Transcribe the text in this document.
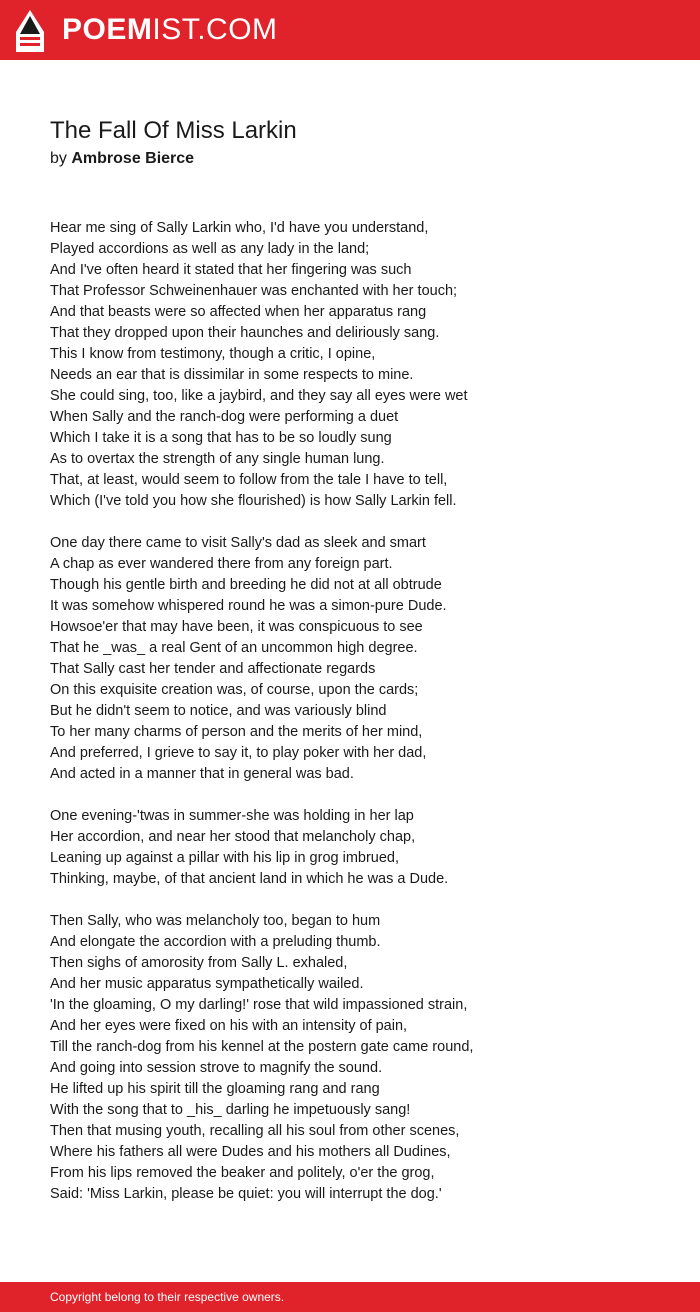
POEMIST.COM
The Fall Of Miss Larkin
by Ambrose Bierce
Hear me sing of Sally Larkin who, I'd have you understand,
Played accordions as well as any lady in the land;
And I've often heard it stated that her fingering was such
That Professor Schweinenhauer was enchanted with her touch;
And that beasts were so affected when her apparatus rang
That they dropped upon their haunches and deliriously sang.
This I know from testimony, though a critic, I opine,
Needs an ear that is dissimilar in some respects to mine.
She could sing, too, like a jaybird, and they say all eyes were wet
When Sally and the ranch-dog were performing a duet
Which I take it is a song that has to be so loudly sung
As to overtax the strength of any single human lung.
That, at least, would seem to follow from the tale I have to tell,
Which (I've told you how she flourished) is how Sally Larkin fell.
One day there came to visit Sally's dad as sleek and smart
A chap as ever wandered there from any foreign part.
Though his gentle birth and breeding he did not at all obtrude
It was somehow whispered round he was a simon-pure Dude.
Howsoe'er that may have been, it was conspicuous to see
That he _was_ a real Gent of an uncommon high degree.
That Sally cast her tender and affectionate regards
On this exquisite creation was, of course, upon the cards;
But he didn't seem to notice, and was variously blind
To her many charms of person and the merits of her mind,
And preferred, I grieve to say it, to play poker with her dad,
And acted in a manner that in general was bad.
One evening-'twas in summer-she was holding in her lap
Her accordion, and near her stood that melancholy chap,
Leaning up against a pillar with his lip in grog imbrued,
Thinking, maybe, of that ancient land in which he was a Dude.
Then Sally, who was melancholy too, began to hum
And elongate the accordion with a preluding thumb.
Then sighs of amorosity from Sally L. exhaled,
And her music apparatus sympathetically wailed.
'In the gloaming, O my darling!' rose that wild impassioned strain,
And her eyes were fixed on his with an intensity of pain,
Till the ranch-dog from his kennel at the postern gate came round,
And going into session strove to magnify the sound.
He lifted up his spirit till the gloaming rang and rang
With the song that to _his_ darling he impetuously sang!
Then that musing youth, recalling all his soul from other scenes,
Where his fathers all were Dudes and his mothers all Dudines,
From his lips removed the beaker and politely, o'er the grog,
Said: 'Miss Larkin, please be quiet: you will interrupt the dog.'
Copyright belong to their respective owners.
